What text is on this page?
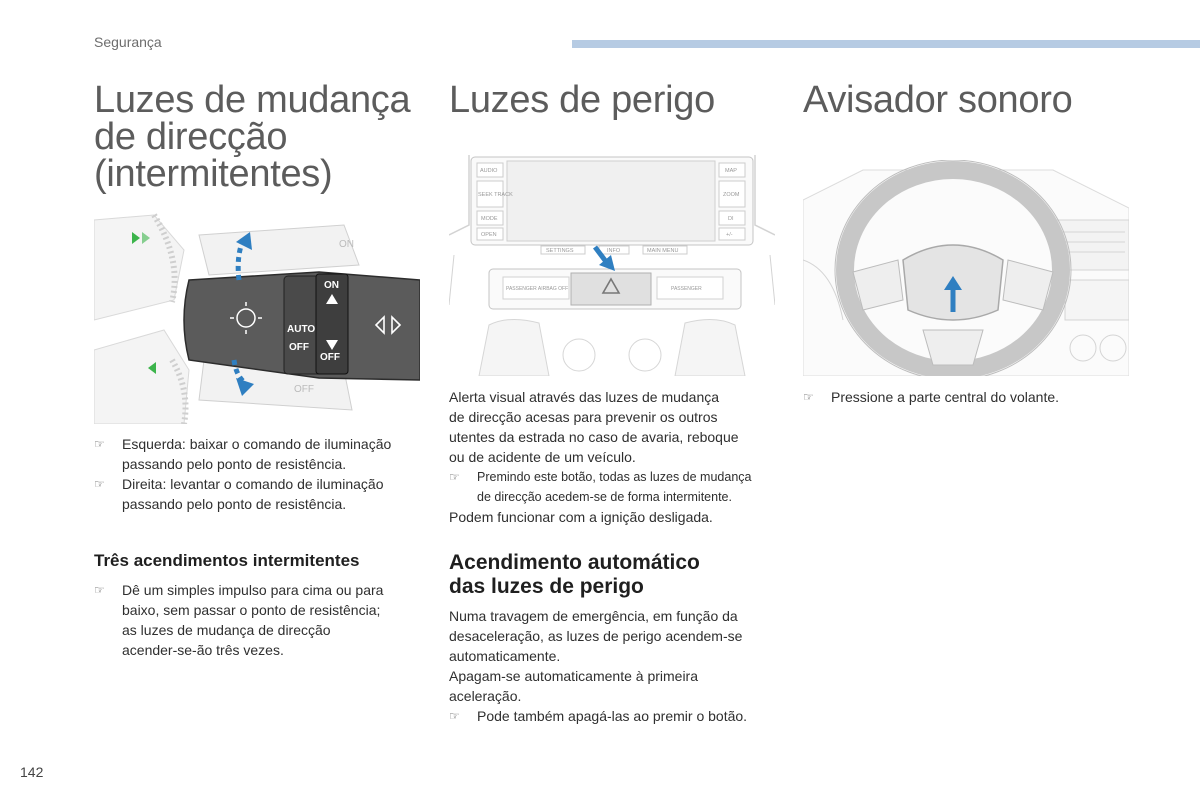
Segurança
Luzes de mudança
de direcção
(intermitentes)
ON
OFF
AUTO
OFF
ON
OFF
☞ Esquerda: baixar o comando de iluminação
passando pelo ponto de resistência.
☞ Direita: levantar o comando de iluminação
passando pelo ponto de resistência.
Três acendimentos intermitentes
☞ Dê um simples impulso para cima ou para
baixo, sem passar o ponto de resistência;
as luzes de mudança de direcção
acender-se-ão três vezes.
Luzes de perigo
AUDIO
SEEK TRACK
MODE
OPEN
MAP
ZOOM
DI
+/-
SETTINGS	INFO	MAIN MENU
PASSENGER AIRBAG OFF	PASSENGER
Alerta visual através das luzes de mudança
de direcção acesas para prevenir os outros
utentes da estrada no caso de avaria, reboque
ou de acidente de um veículo.
☞ Premindo este botão, todas as luzes de mudança
de direcção acedem-se de forma intermitente.
Podem funcionar com a ignição desligada.
Acendimento automático
das luzes de perigo
Numa travagem de emergência, em função da
desaceleração, as luzes de perigo acendem-se
automaticamente.
Apagam-se automaticamente à primeira
aceleração.
☞ Pode também apagá-las ao premir o botão.
Avisador sonoro
☞ Pressione a parte central do volante.
142
